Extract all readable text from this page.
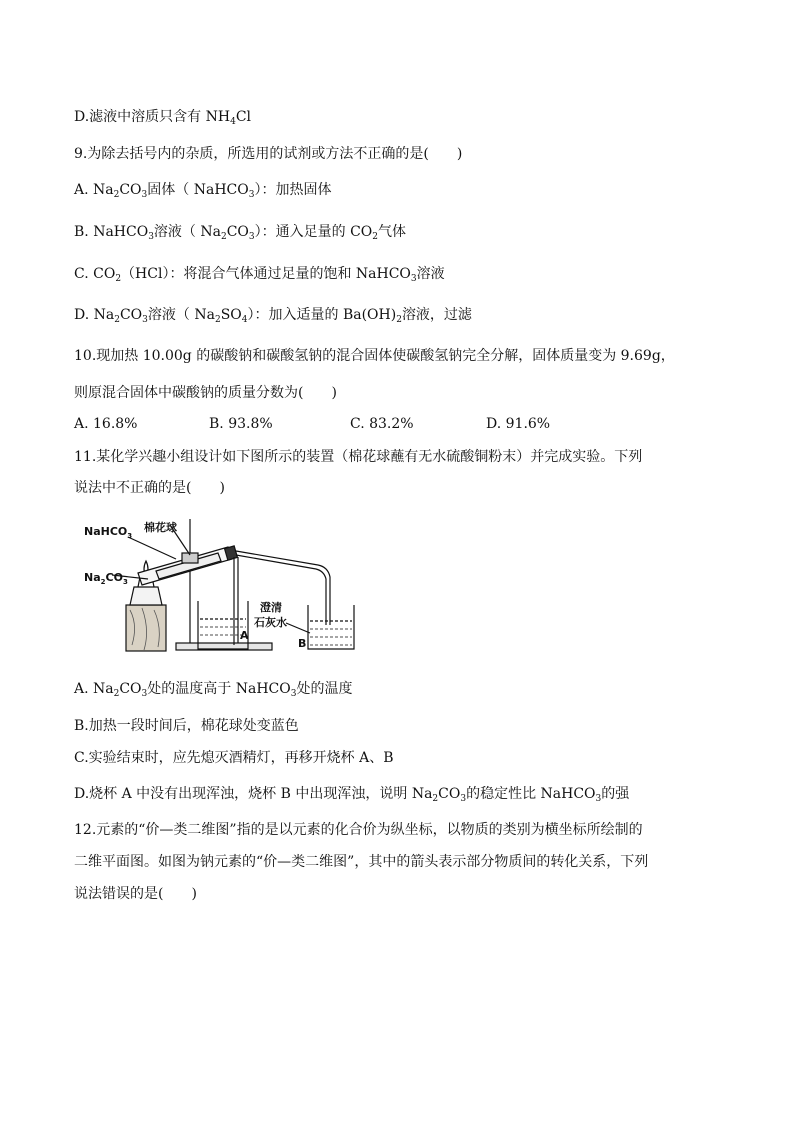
D.滤液中溶质只含有 $NH_4Cl$
9.为除去括号内的杂质，所选用的试剂或方法不正确的是(　　)
A. $Na_2CO_3$固体（ NaHCO$_3$）：加热固体
B. NaHCO$_3$溶液（ $Na_2CO_3$）：通入足量的 $CO_2$气体
C. $CO_2(HCl)$：将混合气体通过足量的饱和 NaHCO$_3$溶液
D. $Na_2CO_3$溶液（ $Na_2SO_4$）：加入适量的 $Ba(OH)_2$溶液，过滤
10.现加热 10.00g 的碳酸钠和碳酸氢钠的混合固体使碳酸氢钠完全分解，固体质量变为 9.69g，
则原混合固体中碳酸钠的质量分数为(　　)
A. 16.8%	B. 93.8%	C. 83.2%	D. 91.6%
11.某化学兴趣小组设计如下图所示的装置（棉花球蘸有无水硫酸铜粉末）并完成实验。下列
说法中不正确的是(　　)
NaHCO$_3$
棉花球
$Na_2CO_3$
澄清
石灰水
A
B
A. $Na_2CO_3$处的温度高于 NaHCO$_3$处的温度
B.加热一段时间后，棉花球处变蓝色
C.实验结束时，应先熄灭酒精灯，再移开烧杯 A、B
D.烧杯 A 中没有出现浑浊，烧杯 B 中出现浑浊，说明 $Na_2CO_3$的稳定性比 NaHCO$_3$的强
12.元素的“价—类二维图”指的是以元素的化合价为纵坐标，以物质的类别为横坐标所绘制的
二维平面图。如图为钠元素的“价—类二维图”，其中的箭头表示部分物质间的转化关系，下列
说法错误的是(　　)
